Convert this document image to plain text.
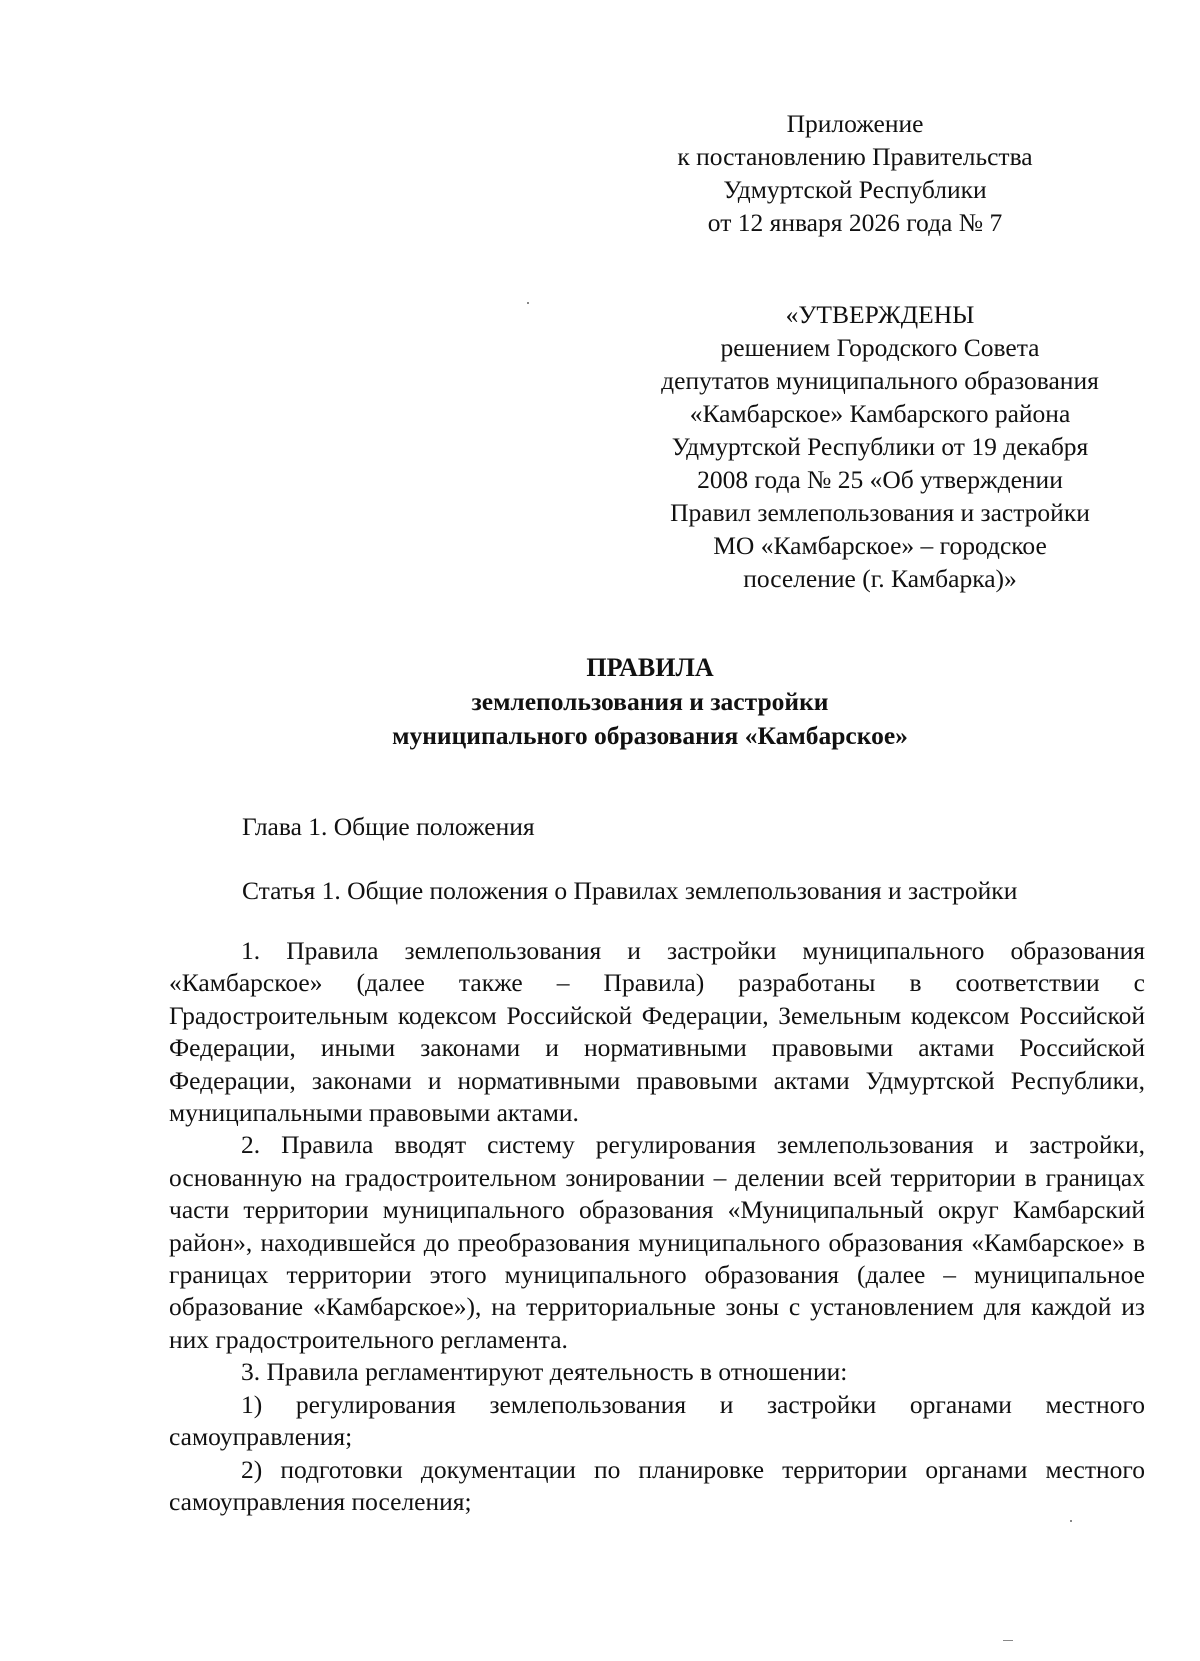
Приложение
к постановлению Правительства
Удмуртской Республики
от 12 января 2026 года № 7
«УТВЕРЖДЕНЫ
решением Городского Совета
депутатов муниципального образования
«Камбарское» Камбарского района
Удмуртской Республики от 19 декабря
2008 года № 25 «Об утверждении
Правил землепользования и застройки
МО «Камбарское» – городское
поселение (г. Камбарка)»
ПРАВИЛА
землепользования и застройки
муниципального образования «Камбарское»
Глава 1. Общие положения
Статья 1. Общие положения о Правилах землепользования и застройки

1. Правила землепользования и застройки муниципального образования «Камбарское» (далее также – Правила) разработаны в соответствии с Градостроительным кодексом Российской Федерации, Земельным кодексом Российской Федерации, иными законами и нормативными правовыми актами Российской Федерации, законами и нормативными правовыми актами Удмуртской Республики, муниципальными правовыми актами.

2. Правила вводят систему регулирования землепользования и застройки, основанную на градостроительном зонировании – делении всей территории в границах части территории муниципального образования «Муниципальный округ Камбарский район», находившейся до преобразования муниципального образования «Камбарское» в границах территории этого муниципального образования (далее – муниципальное образование «Камбарское»), на территориальные зоны с установлением для каждой из них градостроительного регламента.

3. Правила регламентируют деятельность в отношении:

1) регулирования землепользования и застройки органами местного самоуправления;

2) подготовки документации по планировке территории органами местного самоуправления поселения;
